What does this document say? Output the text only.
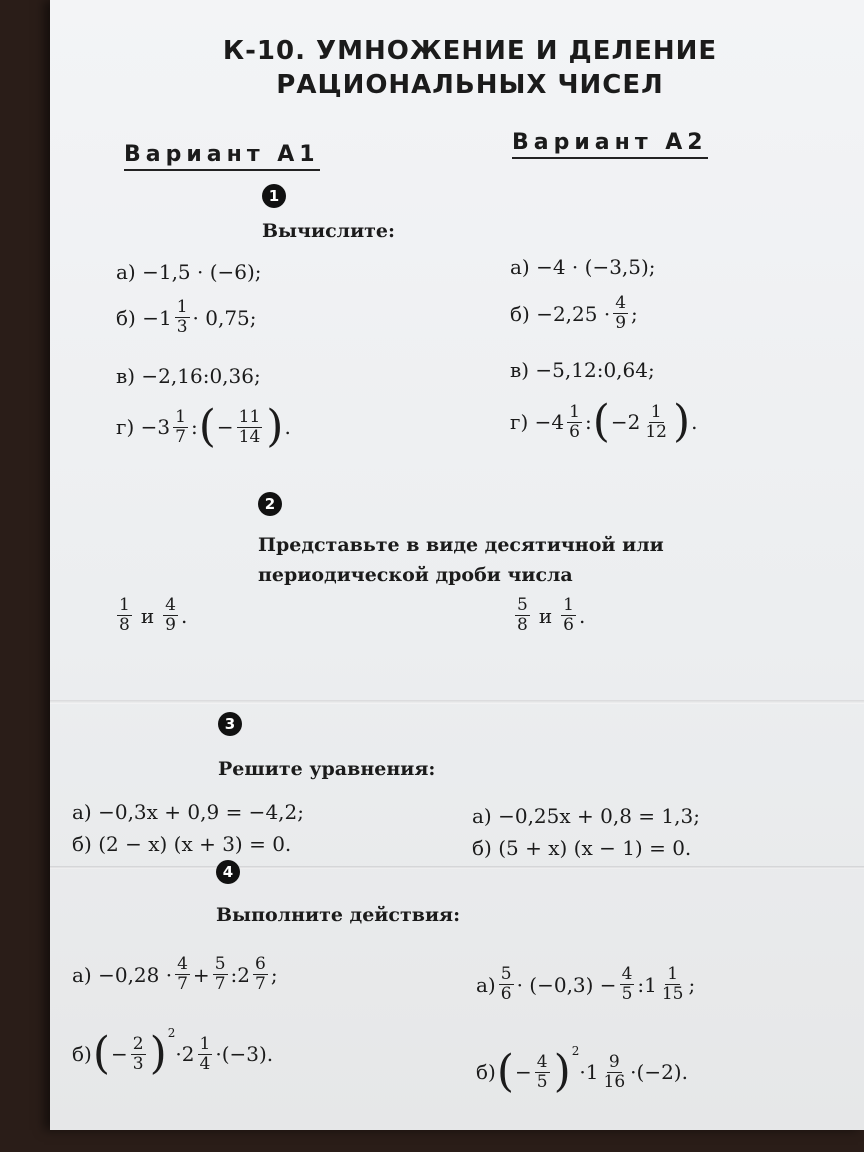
К-10. УМНОЖЕНИЕ И ДЕЛЕНИЕ
РАЦИОНАЛЬНЫХ ЧИСЕЛ
Вариант А1	Вариант А2
1
Вычислите:
а) −1,5 · (−6);
$б) -1 \frac{1}{3} \cdot 0,75$;
в) −2,16:0,36;
$г) -3 \frac{1}{7}$ : ( − $\frac{11}{14}$ ) .
а) −4 · (−3,5);
$б) -2,25 \cdot \frac{4}{9}$ ;
в) −5,12:0,64;
$г) -4 \frac{1}{6}$ : ( $-2 \frac{1}{12}$ ) .
2
Представьте в виде десятичной или
периодической дроби числа
$\frac{1}{8}$ и $\frac{4}{9}$ .	$\frac{5}{8}$ и $\frac{1}{6}$ .
3
Решите уравнения:
а) −0,3x + 0,9 = −4,2;
б) (2 − x) (x + 3) = 0.
а) −0,25x + 0,8 = 1,3;
б) (5 + x) (x − 1) = 0.
4
Выполните действия:
$а) -0,28 \cdot \frac{4}{7} + \frac{5}{7}$ :2 $\frac{6}{7}$ ;
б) ( − $\frac{2}{3}$ ) 2
$\cdot 2 \frac{1}{4} \cdot(-3)$.
$а) \frac{5}{6} \cdot (-0,3) - \frac{4}{5}$ :1 $\frac{1}{15}$ ;
б) ( − $\frac{4}{5}$ ) 2
$\cdot 1 \frac{9}{16} \cdot(-2)$.
